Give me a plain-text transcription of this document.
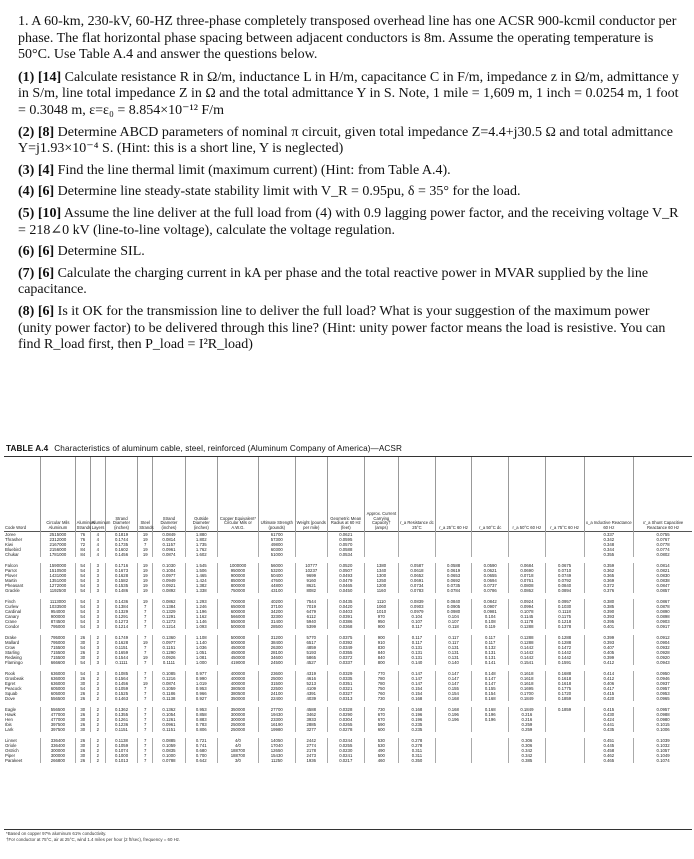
1. A 60-km, 230-kV, 60-HZ three-phase completely transposed overhead line has one ACSR 900-kcmil conductor per phase. The flat horizontal phase spacing between adjacent conductors is 8m. Assume the operating temperature is 50°C. Use Table A.4 and answer the questions below.

(1) [14] Calculate resistance R in Ω/m, inductance L in H/m, capacitance C in F/m, impedance z in Ω/m, admittance y in S/m, line total impedance Z in Ω and the total admittance Y in S. Note, 1 mile = 1,609 m, 1 inch = 0.0254 m, 1 foot = 0.3048 m, ε=ε₀ = 8.854×10⁻¹² F/m

(2) [8] Determine ABCD parameters of nominal π circuit, given total impedance Z=4.4+j30.5 Ω and total admittance Y=j1.93×10⁻⁴ S. (Hint: this is a short line, Y is neglected)

(3) [4] Find the line thermal limit (maximum current) (Hint: from Table A.4).

(4) [6] Determine line steady-state stability limit with V_R = 0.95pu, δ = 35° for the load.

(5) [10] Assume the line deliver at the full load from (4) with 0.9 lagging power factor, and the receiving voltage V_R = 218∠0 kV (line-to-line voltage), calculate the voltage regulation.

(6) [6] Determine SIL.

(7) [6] Calculate the charging current in kA per phase and the total reactive power in MVAR supplied by the line capacitance.

(8) [6] Is it OK for the transmission line to deliver the full load? What is your suggestion of the maximum power (unity power factor) to be delivered through this line? (Hint: unity power factor means the load is resistive. You can find R_load first, then P_load = I²R_load)

TABLE A.4 Characteristics of aluminum cable, steel, reinforced (Aluminum Company of America)—ACSR
Code Word	Circular Mils Aluminum	Aluminum Strands	Aluminum Layers	Strand Diameter (inches)	Steel Strands	Strand Diameter (inches)	Outside Diameter (inches)	Copper Equivalent* Circular Mils or A.W.G.	Ultimate Strength (pounds)	Weight (pounds per mile)	Geometric Mean Radius at 60 Hz (feet)	Approx. Current Carrying Capacity† (amps)	r_a Resistance dc 25°C	r_a 25°C 60 Hz	r_a 50°C dc	r_a 50°C 60 Hz	r_a 75°C 60 Hz	x_a Inductive Reactance 60 Hz	x'_a Shunt Capacitive Reactance 60 Hz
Joree	2515000	76	4	0.1819	19	0.0849	1.880		61700		0.0621							0.337	0.0755
Thrasher	2312000	76	4	0.1744	19	0.0814	1.802		57300		0.0595							0.342	0.0767
Kiwi	2167000	72	4	0.1735	7	0.1157	1.735		49800		0.0570							0.348	0.0778
Bluebird	2156000	84	4	0.1602	19	0.0961	1.762		60300		0.0588							0.344	0.0774
Chukar	1781000	84	4	0.1456	19	0.0874	1.602		51000		0.0534							0.355	0.0802

Falcon	1590000	54	3	0.1716	19	0.1030	1.545	1000000	56000	10777	0.0520	1380	0.0587	0.0588	0.0590	0.0684	0.0675	0.359	0.0814
Parrot	1510500	54	3	0.1673	19	0.1004	1.506	950000	53200	10237	0.0507	1340	0.0618	0.0619	0.0621	0.0690	0.0710	0.362	0.0821
Plover	1431000	54	3	0.1628	19	0.0977	1.465	900000	50400	9699	0.0493	1300	0.0652	0.0653	0.0655	0.0718	0.0749	0.365	0.0830
Martin	1351000	54	3	0.1582	19	0.0949	1.424	850000	47600	9160	0.0479	1250	0.0691	0.0692	0.0694	0.0761	0.0792	0.369	0.0838
Pheasant	1272000	54	3	0.1535	19	0.0921	1.382	800000	44800	8621	0.0465	1200	0.0734	0.0735	0.0737	0.0808	0.0840	0.372	0.0847
Grackle	1192500	54	3	0.1486	19	0.0892	1.338	750000	43100	8082	0.0450	1160	0.0783	0.0784	0.0786	0.0862	0.0894	0.376	0.0857

Finch	1113000	54	3	0.1436	19	0.0862	1.293	700000	40200	7544	0.0435	1110	0.0839	0.0840	0.0842	0.0924	0.0957	0.380	0.0867
Curlew	1033500	54	3	0.1384	7	0.1384	1.246	650000	37100	7019	0.0420	1060	0.0903	0.0905	0.0907	0.0994	0.1030	0.385	0.0878
Cardinal	954000	54	3	0.1329	7	0.1329	1.196	600000	34200	6479	0.0403	1010	0.0979	0.0980	0.0981	0.1078	0.1118	0.390	0.0890
Canary	900000	54	3	0.1291	7	0.1291	1.162	566000	32300	6112	0.0391	970	0.104	0.104	0.104	0.1145	0.1175	0.393	0.0898
Crane	874500	54	3	0.1273	7	0.1273	1.146	550000	31400	5940	0.0386	950	0.107	0.107	0.108	0.1178	0.1218	0.395	0.0903
Condor	795000	54	3	0.1214	7	0.1214	1.093	500000	28500	5399	0.0368	900	0.117	0.118	0.119	0.1288	0.1378	0.401	0.0917

Drake	795000	26	2	0.1749	7	0.1360	1.108	500000	31200	5770	0.0375	900	0.117	0.117	0.117	0.1288	0.1288	0.399	0.0912
Mallard	795000	30	2	0.1628	19	0.0977	1.140	500000	38400	6517	0.0392	910	0.117	0.117	0.117	0.1288	0.1288	0.393	0.0904
Crow	715500	54	3	0.1151	7	0.1151	1.036	450000	26300	4859	0.0349	830	0.131	0.131	0.132	0.1442	0.1472	0.407	0.0932
Starling	715500	26	2	0.1659	7	0.1290	1.051	450000	28100	5193	0.0355	840	0.131	0.131	0.131	0.1442	0.1442	0.405	0.0928
Redwing	715500	30	2	0.1544	19	0.0926	1.081	450000	34600	5865	0.0372	840	0.131	0.131	0.131	0.1442	0.1442	0.399	0.0920
Flamingo	666600	54	3	0.1111	7	0.1111	1.000	419000	24500	4527	0.0337	800	0.140	0.140	0.141	0.1541	0.1591	0.412	0.0943

Rook	636000	54	3	0.1085	7	0.1085	0.977	400000	23600	4319	0.0329	770	0.147	0.147	0.148	0.1618	0.1688	0.414	0.0950
Grosbeak	636000	26	2	0.1564	7	0.1216	0.990	400000	25000	4616	0.0335	780	0.147	0.147	0.147	0.1618	0.1618	0.412	0.0946
Egret	636000	30	2	0.1456	19	0.0874	1.019	400000	31500	5213	0.0351	780	0.147	0.147	0.147	0.1618	0.1618	0.406	0.0937
Peacock	605000	54	3	0.1059	7	0.1059	0.953	380500	22500	4109	0.0321	750	0.154	0.155	0.155	0.1695	0.1775	0.417	0.0957
Squab	605000	26	2	0.1525	7	0.1186	0.966	380500	24100	4391	0.0327	760	0.154	0.154	0.154	0.1700	0.1720	0.415	0.0953
Dove	556500	26	2	0.1463	7	0.1138	0.927	350000	22400	4039	0.0313	730	0.168	0.168	0.168	0.1849	0.1859	0.420	0.0965

Eagle	556500	30	2	0.1362	7	0.1362	0.953	350000	27700	4588	0.0328	730	0.168	0.168	0.168	0.1849	0.1859	0.415	0.0957
Hawk	477000	26	2	0.1355	7	0.1054	0.858	300000	19430	3462	0.0290	670	0.196	0.196	0.196	0.216		0.430	0.0988
Hen	477000	30	2	0.1261	7	0.1261	0.883	300000	23300	3933	0.0304	670	0.196	0.196	0.196	0.216		0.424	0.0980
Ibis	397500	26	2	0.1236	7	0.0961	0.783	250000	16190	2885	0.0265	590	0.235			0.259		0.441	0.1015
Lark	397500	30	2	0.1151	7	0.1151	0.806	250000	19980	3277	0.0278	600	0.235			0.259		0.435	0.1006

Linnet	336400	26	2	0.1138	7	0.0885	0.721	4/0	14050	2442	0.0244	530	0.278			0.306		0.451	0.1039
Oriole	336400	30	2	0.1059	7	0.1059	0.741	4/0	17040	2774	0.0255	530	0.278			0.306		0.445	0.1032
Ostrich	300000	26	2	0.1074	7	0.0835	0.680	188700	12650	2178	0.0230	490	0.311			0.342		0.458	0.1057
Piper	300000	30	2	0.1000	7	0.1000	0.700	188700	15430	2473	0.0241	500	0.311			0.342		0.462	0.1049
Parakeet	266800	26	2	0.1013	7	0.0788	0.642	3/0	11250	1936	0.0217	460	0.350			0.385		0.465	0.1074
*Based on copper 97% aluminum 61% conductivity.
†For conductor at 75°C, air at 25°C, wind 1.4 miles per hour (2 ft/sec), frequency = 60 Hz.
